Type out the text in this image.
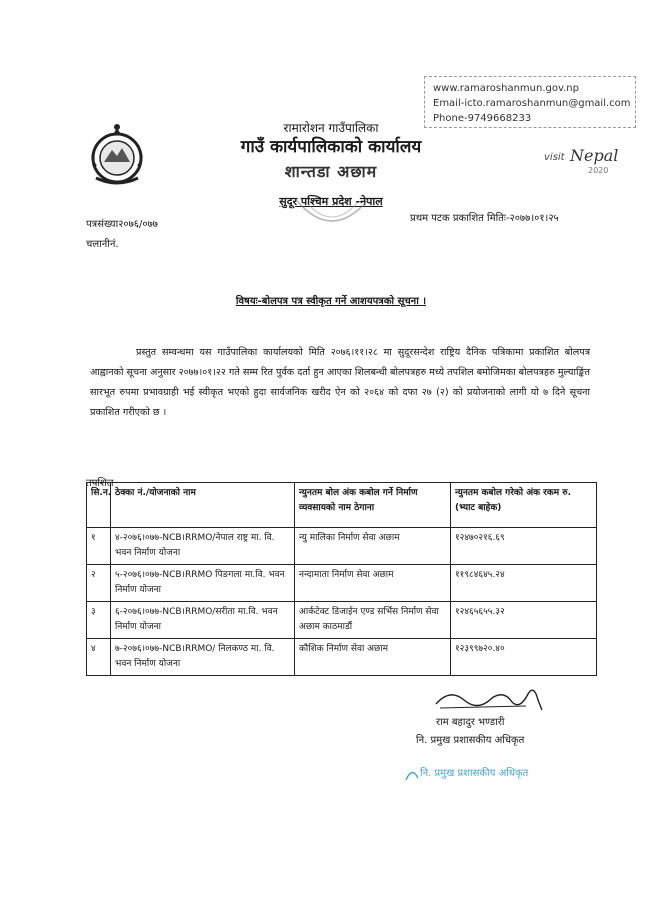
www.ramaroshanmun.gov.np
Email-icto.ramaroshanmun@gmail.com
Phone-9749668233
visit Nepal
2020
रामारोशन गाउँपालिका
गाउँ कार्यपालिकाको कार्यालय
शान्तडा अछाम
सुदूर पश्चिम प्रदेश -नेपाल
पत्रसंख्या२०७६/०७७
चलानीनं.
प्रथम पटक प्रकाशित मितिः-२०७७।०१।२५
विषयः-बोलपत्र पत्र स्वीकृत गर्ने आशयपत्रको सूचना ।
प्रस्तुत सम्वन्धमा यस गाउँपालिका कार्यालयको मिति २०७६।११।२८ मा सुदूरसन्देश राष्ट्रिय दैनिक पत्रिकामा प्रकाशित बोलपत्र आह्वानको सूचना अनुसार २०७७।०१।२२ गते सम्म रित पुर्वक दर्ता हुन आएका शिलबन्धी बोलपत्रहरु मध्ये तपशिल बमोजिमका बोलपत्रहरु मुल्याङ्किंत सारभूत रुपमा प्रभावग्राही भई स्वीकृत भएको हुदा सार्वजनिक खरीद ऐन को २०६४ को दफा २७ (२) को प्रयोजनाको लागी यो ७ दिने सूचना प्रकाशित गरीएको छ ।
तपशिल
सि.न.	ठेक्का नं./योजनाको नाम	न्युनतम बोल अंक कबोल गर्ने निर्माण व्यवसायको नाम ठेगाना	न्युनतम कबोल गरेको अंक रकम रु. (भ्याट बाहेक)
१	४-२०७६।०७७-NCB।RRMO/नेपाल राष्ट्र मा. वि. भवन निर्माण योजना	न्यु मालिका निर्माण सेवा अछाम	१२४७०२१६.६९
२	५-२०७६।०७७-NCB।RRMO पिङगला मा.वि. भवन निर्माण योजना	नन्दामाता निर्माण सेवा अछाम	११९८४६४५.२४
३	६-२०७६।०७७-NCB।RRMO/सरीता मा.वि. भवन निर्माण योजना	आर्कटेक्ट डिजाईन एण्ड सर्भिस निर्माण सेवा अछाम काठमाडौं	१२४६५६५५.३२
४	७-२०७६।०७७-NCB।RRMO/ निलकण्ठ मा. वि. भवन निर्माण योजना	कौशिक निर्माण सेवा अछाम	१२३९९७२०.४०
राम बहादुर भण्डारी
नि. प्रमुख प्रशासकीय अधिकृत
नि. प्रमुख प्रशासकीय अधिकृत
